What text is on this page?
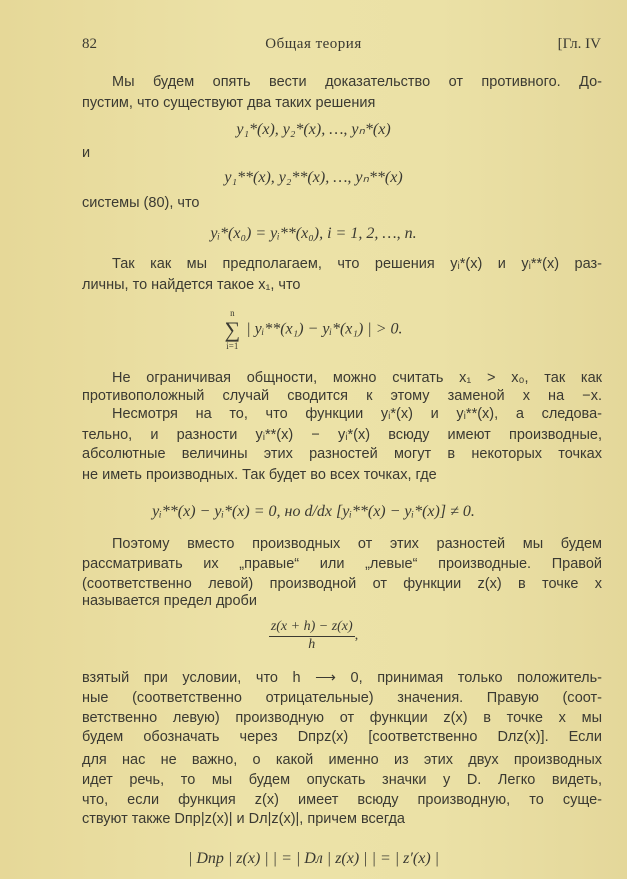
82	Общая теория	[Гл. IV
Мы будем опять вести доказательство от противного. До-
пустим, что существуют два таких решения
y₁*(x), y₂*(x), …, yₙ*(x)
и
y₁**(x), y₂**(x), …, yₙ**(x)
системы (80), что
yᵢ*(x₀) = yᵢ**(x₀), i = 1, 2, …, n.
Так как мы предполагаем, что решения yᵢ*(x) и yᵢ**(x) раз-
личны, то найдется такое x₁, что
n
∑
i=1
| yᵢ**(x₁) − yᵢ*(x₁) | > 0.
Не ограничивая общности, можно считать x₁ > x₀, так как
противоположный случай сводится к этому заменой x на −x.
Несмотря на то, что функции yᵢ*(x) и yᵢ**(x), а следова-
тельно, и разности yᵢ**(x) − yᵢ*(x) всюду имеют производные,
абсолютные величины этих разностей могут в некоторых точках
не иметь производных. Так будет во всех точках, где
yᵢ**(x) − yᵢ*(x) = 0, но d/dx [yᵢ**(x) − yᵢ*(x)] ≠ 0.
Поэтому вместо производных от этих разностей мы будем
рассматривать их „правые“ или „левые“ производные. Правой
(соответственно левой) производной от функции z(x) в точке x
называется предел дроби
$\frac{z(x + h) - z(x)}{h}$ ,
взятый при условии, что h ⟶ 0, принимая только положитель-
ные (соответственно отрицательные) значения. Правую (соот-
ветственно левую) производную от функции z(x) в точке x мы
будем обозначать через Dпрz(x) [соответственно Dлz(x)]. Если
для нас не важно, о какой именно из этих двух производных
идет речь, то мы будем опускать значки у D. Легко видеть,
что, если функция z(x) имеет всюду производную, то суще-
ствуют также Dпр|z(x)| и Dл|z(x)|, причем всегда
| Dпр | z(x) | | = | Dл | z(x) | | = | z′(x) |
